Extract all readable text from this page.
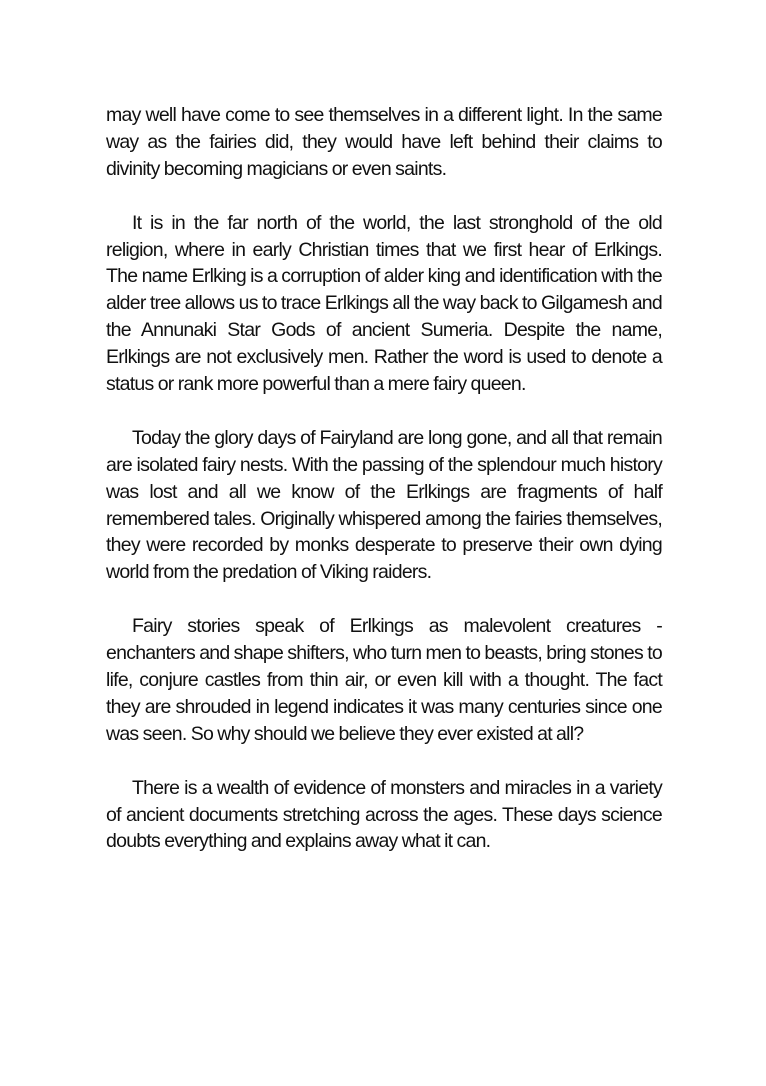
may well have come to see themselves in a different light. In the same way as the fairies did, they would have left behind their claims to divinity becoming magicians or even saints.

It is in the far north of the world, the last stronghold of the old religion, where in early Christian times that we first hear of Erlkings. The name Erlking is a corruption of alder king and identification with the alder tree allows us to trace Erlkings all the way back to Gilgamesh and the Annunaki Star Gods of ancient Sumeria. Despite the name, Erlkings are not exclusively men. Rather the word is used to denote a status or rank more powerful than a mere fairy queen.

Today the glory days of Fairyland are long gone, and all that remain are isolated fairy nests. With the passing of the splendour much history was lost and all we know of the Erlkings are fragments of half remembered tales. Originally whispered among the fairies themselves, they were recorded by monks desperate to preserve their own dying world from the predation of Viking raiders.

Fairy stories speak of Erlkings as malevolent creatures - enchanters and shape shifters, who turn men to beasts, bring stones to life, conjure castles from thin air, or even kill with a thought. The fact they are shrouded in legend indicates it was many centuries since one was seen. So why should we believe they ever existed at all?

There is a wealth of evidence of monsters and miracles in a variety of ancient documents stretching across the ages. These days science doubts everything and explains away what it can.
